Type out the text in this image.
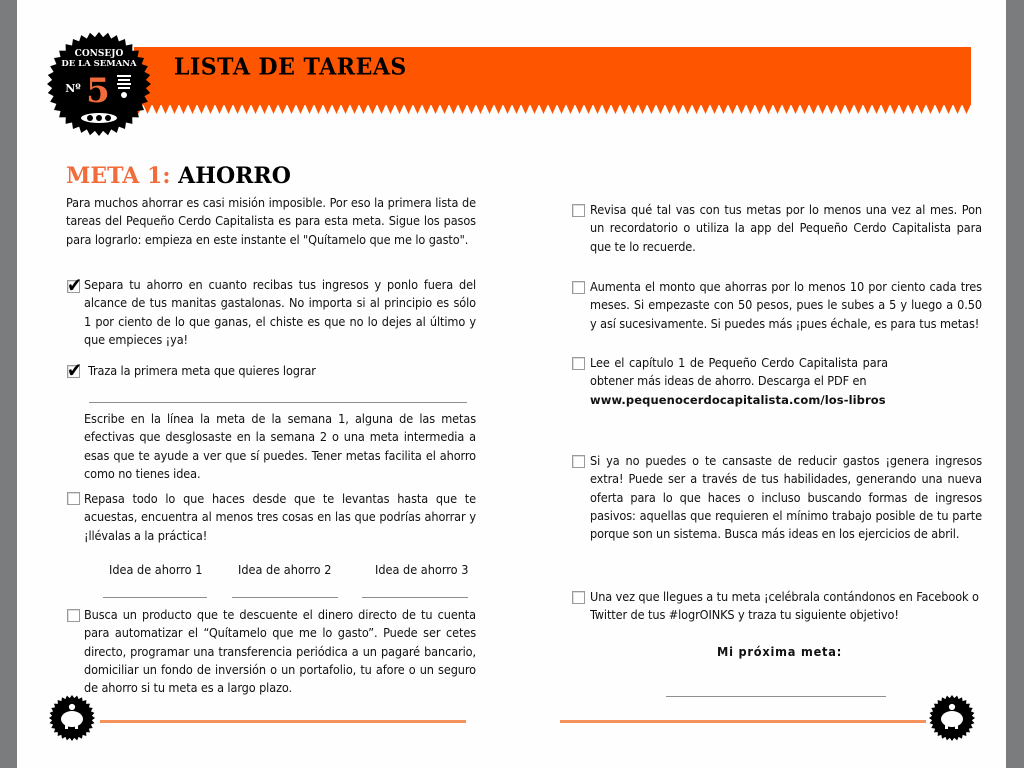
LISTA DE TAREAS
CONSEJO
DE LA SEMANA
Nº 5
META 1: AHORRO
Para muchos ahorrar es casi misión imposible. Por eso la primera lista de tareas del Pequeño Cerdo Capitalista es para esta meta. Sigue los pasos para lograrlo: empieza en este instante el "Quítamelo que me lo gasto".
✔ Separa tu ahorro en cuanto recibas tus ingresos y ponlo fuera del alcance de tus manitas gastalonas. No importa si al principio es sólo 1 por ciento de lo que ganas, el chiste es que no lo dejes al último y que empieces ¡ya!
✔ Traza la primera meta que quieres lograr
Escribe en la línea la meta de la semana 1, alguna de las metas efectivas que desglosaste en la semana 2 o una meta intermedia a esas que te ayude a ver que sí puedes. Tener metas facilita el ahorro como no tienes idea.
Repasa todo lo que haces desde que te levantas hasta que te acuestas, encuentra al menos tres cosas en las que podrías ahorrar y ¡llévalas a la práctica!
Idea de ahorro 1	Idea de ahorro 2	Idea de ahorro 3
Busca un producto que te descuente el dinero directo de tu cuenta para automatizar el “Quítamelo que me lo gasto”. Puede ser cetes directo, programar una transferencia periódica a un pagaré bancario, domiciliar un fondo de inversión o un portafolio, tu afore o un seguro de ahorro si tu meta es a largo plazo.
Revisa qué tal vas con tus metas por lo menos una vez al mes. Pon un recordatorio o utiliza la app del Pequeño Cerdo Capitalista para que te lo recuerde.
Aumenta el monto que ahorras por lo menos 10 por ciento cada tres meses. Si empezaste con 50 pesos, pues le subes a 5 y luego a 0.50 y así sucesivamente. Si puedes más ¡pues échale, es para tus metas!
Lee el capítulo 1 de Pequeño Cerdo Capitalista para obtener más ideas de ahorro. Descarga el PDF en
www.pequenocerdocapitalista.com/los-libros
Si ya no puedes o te cansaste de reducir gastos ¡genera ingresos extra! Puede ser a través de tus habilidades, generando una nueva oferta para lo que haces o incluso buscando formas de ingresos pasivos: aquellas que requieren el mínimo trabajo posible de tu parte porque son un sistema. Busca más ideas en los ejercicios de abril.
Una vez que llegues a tu meta ¡celébrala contándonos en Facebook o Twitter de tus #logrOINKS y traza tu siguiente objetivo!
Mi próxima meta:
